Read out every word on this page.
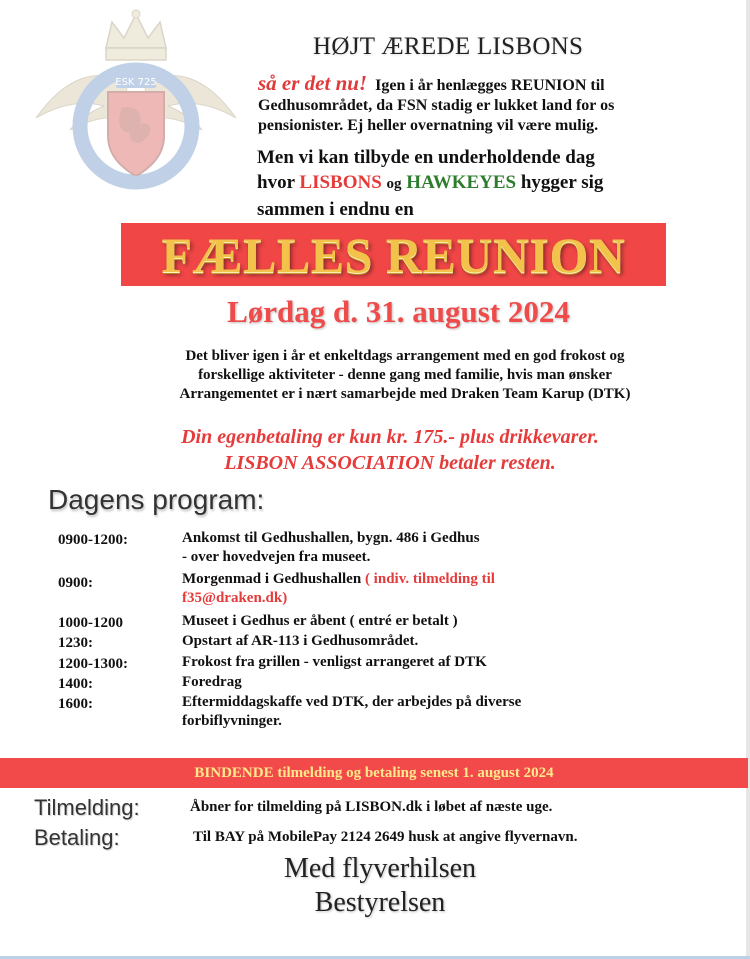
ESK 725
CAVE ADSUM
HØJT ÆREDE LISBONS
så er det nu! Igen i år henlægges REUNION til Gedhusområdet, da FSN stadig er lukket land for os pensionister. Ej heller overnatning vil være mulig.
Men vi kan tilbyde en underholdende dag
hvor LISBONS og HAWKEYES hygger sig
sammen i endnu en
FÆLLES REUNION
Lørdag d. 31. august 2024
Det bliver igen i år et enkeltdags arrangement med en god frokost og
forskellige aktiviteter - denne gang med familie, hvis man ønsker
Arrangementet er i nært samarbejde med Draken Team Karup (DTK)
Din egenbetaling er kun kr. 175.- plus drikkevarer.
LISBON ASSOCIATION betaler resten.
Dagens program:
0900-1200:	Ankomst til Gedhushallen, bygn. 486 i Gedhus
- over hovedvejen fra museet.
0900:	Morgenmad i Gedhushallen ( indiv. tilmelding til
f35@draken.dk)
1000-1200	Museet i Gedhus er åbent ( entré er betalt )
1230:	Opstart af AR-113 i Gedhusområdet.
1200-1300:	Frokost fra grillen - venligst arrangeret af DTK
1400:	Foredrag
1600:	Eftermiddagskaffe ved DTK, der arbejdes på diverse
forbiflyvninger.
BINDENDE tilmelding og betaling senest 1. august 2024
Tilmelding:	Åbner for tilmelding på LISBON.dk i løbet af næste uge.
Betaling:	Til BAY på MobilePay 2124 2649 husk at angive flyvernavn.
Med flyverhilsen
Bestyrelsen
